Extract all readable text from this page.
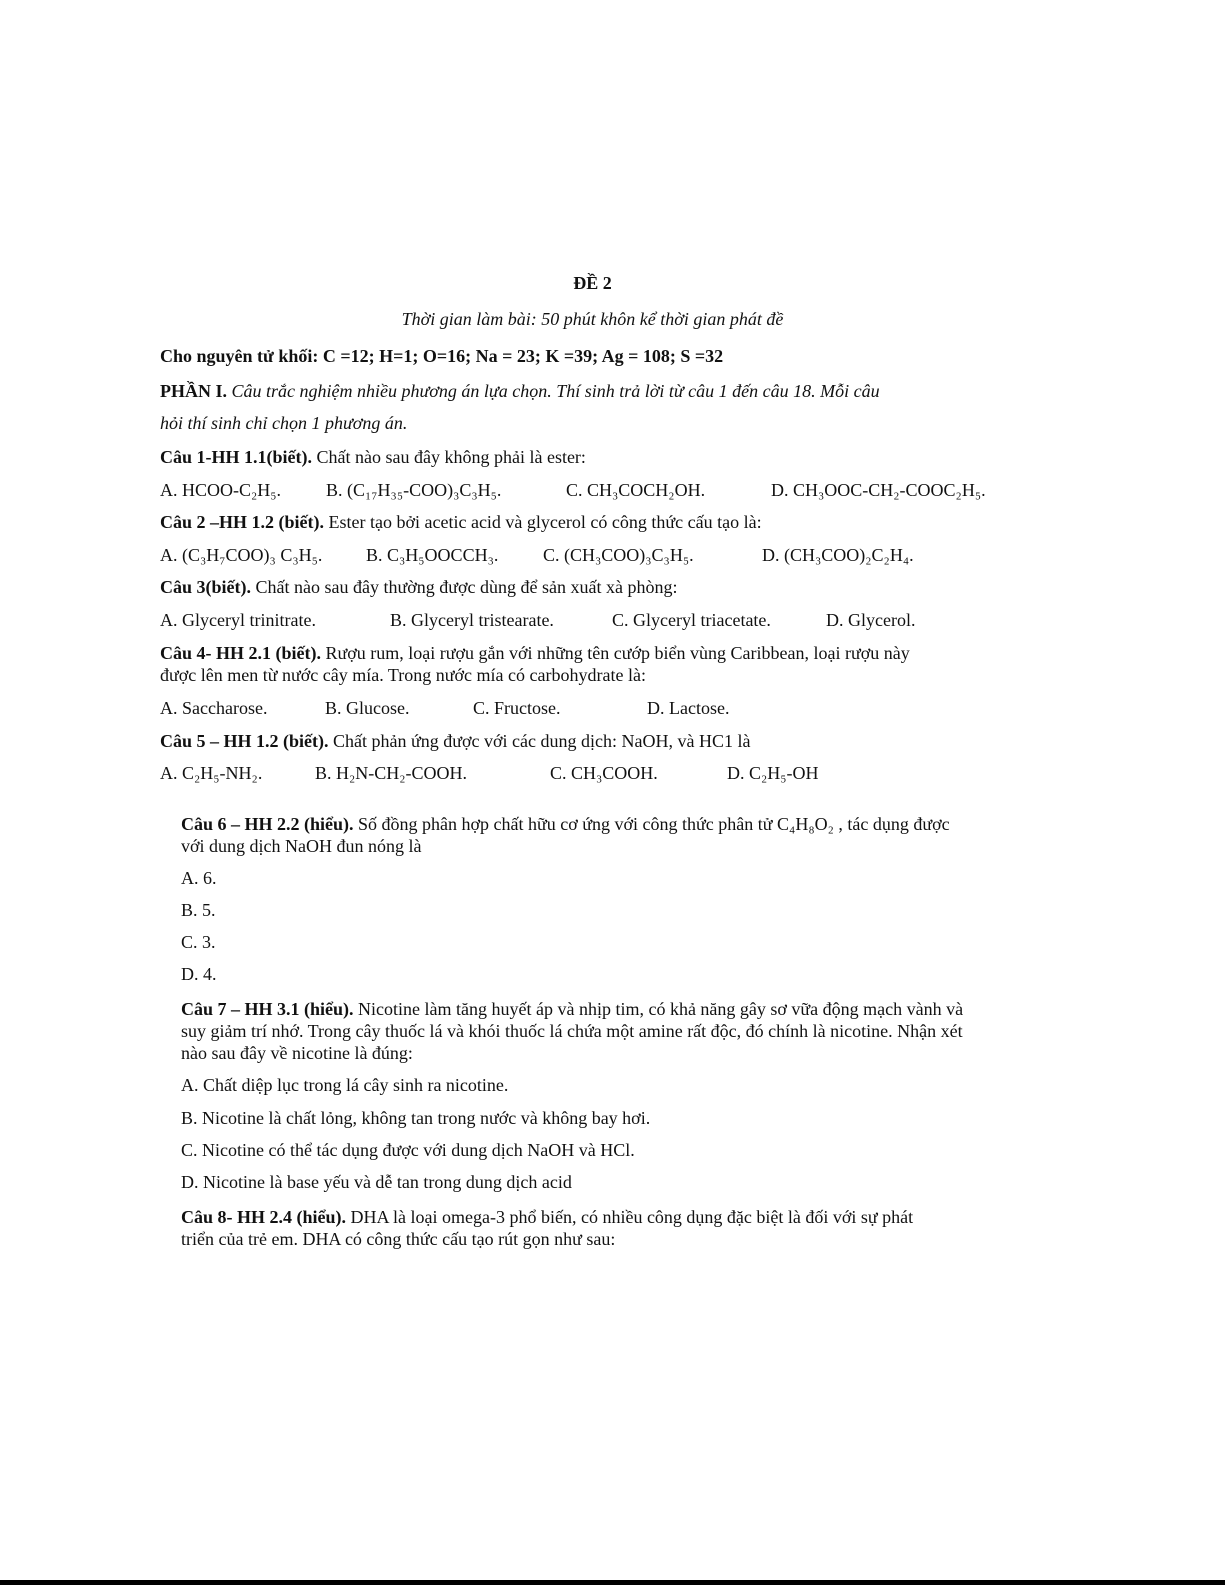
ĐỀ 2
Thời gian làm bài: 50 phút khôn kể thời gian phát đề
Cho nguyên tử khối: C =12; H=1; O=16; Na = 23; K =39; Ag = 108; S =32
PHẦN I. Câu trắc nghiệm nhiều phương án lựa chọn. Thí sinh trả lời từ câu 1 đến câu 18. Mỗi câu
hỏi thí sinh chỉ chọn 1 phương án.
Câu 1-HH 1.1(biết). Chất nào sau đây không phải là ester:
A. HCOO-C₂H₅. B. (C₁₇H₃₅-COO)₃C₃H₅.	C. CH₃COCH₂OH.	D. CH₃OOC-CH₂-COOC₂H₅.
Câu 2 –HH 1.2 (biết). Ester tạo bởi acetic acid và glycerol có công thức cấu tạo là:
A. (C₃H₇COO)₃ C₃H₅. B. C₃H₅OOCCH₃. C. (CH₃COO)₃C₃H₅.	D. (CH₃COO)₂C₂H₄.
Câu 3(biết). Chất nào sau đây thường được dùng để sản xuất xà phòng:
A. Glyceryl trinitrate.	B. Glyceryl tristearate.	C. Glyceryl triacetate.	D. Glycerol.
Câu 4- HH 2.1 (biết). Rượu rum, loại rượu gắn với những tên cướp biển vùng Caribbean, loại rượu này
được lên men từ nước cây mía. Trong nước mía có carbohydrate là:
A. Saccharose.	B. Glucose.	C. Fructose.	D. Lactose.
Câu 5 – HH 1.2 (biết). Chất phản ứng được với các dung dịch: NaOH, và HC1 là
A. C₂H₅-NH₂.	B. H₂N-CH₂-COOH.	C. CH₃COOH.	D. C₂H₅-OH
Câu 6 – HH 2.2 (hiểu). Số đồng phân hợp chất hữu cơ ứng với công thức phân tử C₄H₈O₂ , tác dụng được
với dung dịch NaOH đun nóng là
A. 6.
B. 5.
C. 3.
D. 4.
Câu 7 – HH 3.1 (hiểu). Nicotine làm tăng huyết áp và nhịp tim, có khả năng gây sơ vữa động mạch vành và
suy giảm trí nhớ. Trong cây thuốc lá và khói thuốc lá chứa một amine rất độc, đó chính là nicotine. Nhận xét
nào sau đây về nicotine là đúng:
A. Chất diệp lục trong lá cây sinh ra nicotine.
B. Nicotine là chất lỏng, không tan trong nước và không bay hơi.
C. Nicotine có thể tác dụng được với dung dịch NaOH và HCl.
D. Nicotine là base yếu và dễ tan trong dung dịch acid
Câu 8- HH 2.4 (hiểu). DHA là loại omega-3 phổ biến, có nhiều công dụng đặc biệt là đối với sự phát
triển của trẻ em. DHA có công thức cấu tạo rút gọn như sau:
